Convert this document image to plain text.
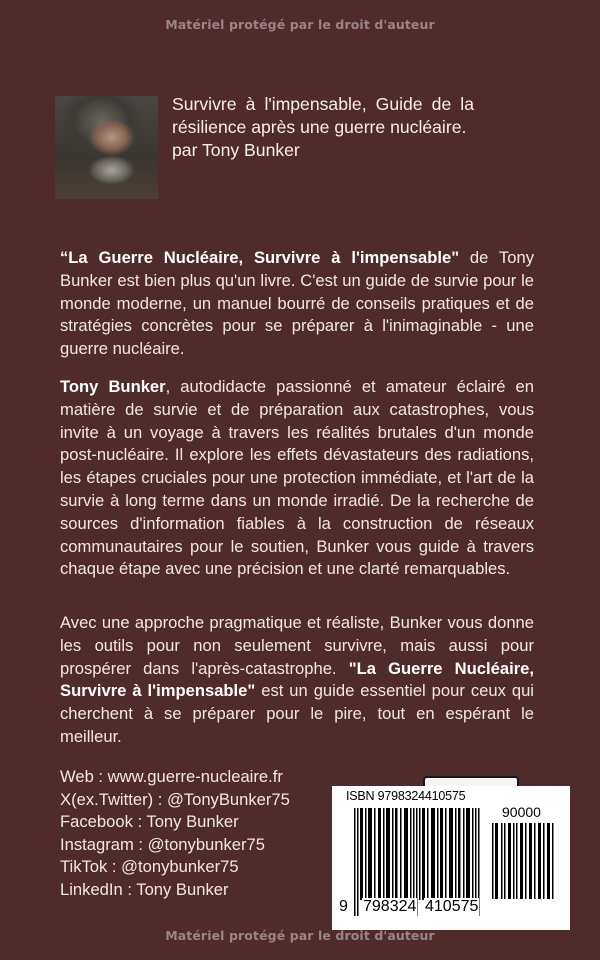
Matériel protégé par le droit d'auteur
Survivre à l'impensable, Guide de la résilience après une guerre nucléaire.
par Tony Bunker
“La Guerre Nucléaire, Survivre à l'impensable" de Tony Bunker est bien plus qu'un livre. C'est un guide de survie pour le monde moderne, un manuel bourré de conseils pratiques et de stratégies concrètes pour se préparer à l'inimaginable - une guerre nucléaire.
Tony Bunker, autodidacte passionné et amateur éclairé en matière de survie et de préparation aux catastrophes, vous invite à un voyage à travers les réalités brutales d'un monde post-nucléaire. Il explore les effets dévastateurs des radiations, les étapes cruciales pour une protection immédiate, et l'art de la survie à long terme dans un monde irradié. De la recherche de sources d'information fiables à la construction de réseaux communautaires pour le soutien, Bunker vous guide à travers chaque étape avec une précision et une clarté remarquables.
Avec une approche pragmatique et réaliste, Bunker vous donne les outils pour non seulement survivre, mais aussi pour prospérer dans l'après-catastrophe. "La Guerre Nucléaire, Survivre à l'impensable" est un guide essentiel pour ceux qui cherchent à se préparer pour le pire, tout en espérant le meilleur.
Web : www.guerre-nucleaire.fr
X(ex.Twitter) : @TonyBunker75
Facebook : Tony Bunker
Instagram : @tonybunker75
TikTok : @tonybunker75
LinkedIn : Tony Bunker
ISBN 9798324410575
90000
9 798324 410575
Matériel protégé par le droit d'auteur
